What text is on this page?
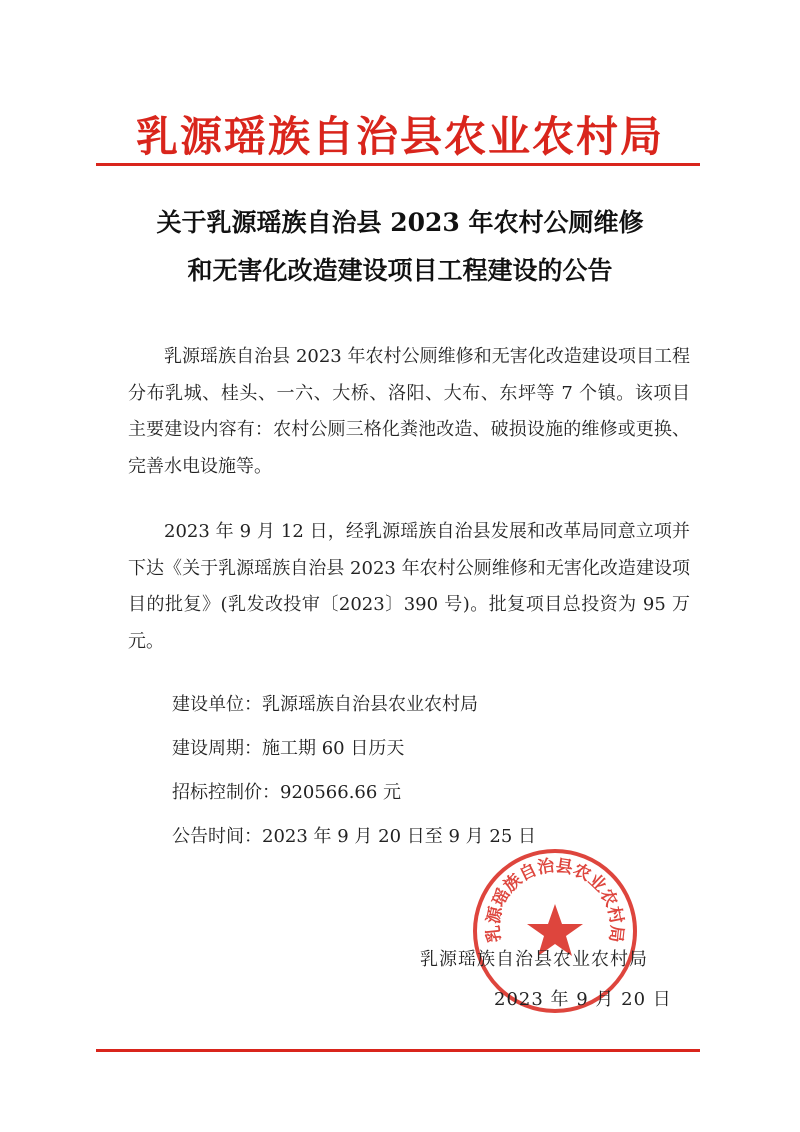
乳源瑶族自治县农业农村局
关于乳源瑶族自治县 2023 年农村公厕维修
和无害化改造建设项目工程建设的公告
乳源瑶族自治县 2023 年农村公厕维修和无害化改造建设项目工程分布乳城、桂头、一六、大桥、洛阳、大布、东坪等 7 个镇。该项目主要建设内容有：农村公厕三格化粪池改造、破损设施的维修或更换、完善水电设施等。
2023 年 9 月 12 日，经乳源瑶族自治县发展和改革局同意立项并下达《关于乳源瑶族自治县 2023 年农村公厕维修和无害化改造建设项目的批复》(乳发改投审〔2023〕390 号)。批复项目总投资为 95 万元。
建设单位：乳源瑶族自治县农业农村局
建设周期：施工期 60 日历天
招标控制价：920566.66 元
公告时间：2023 年 9 月 20 日至 9 月 25 日
乳源瑶族自治县农业农村局
乳源瑶族自治县农业农村局
2023 年 9 月 20 日
